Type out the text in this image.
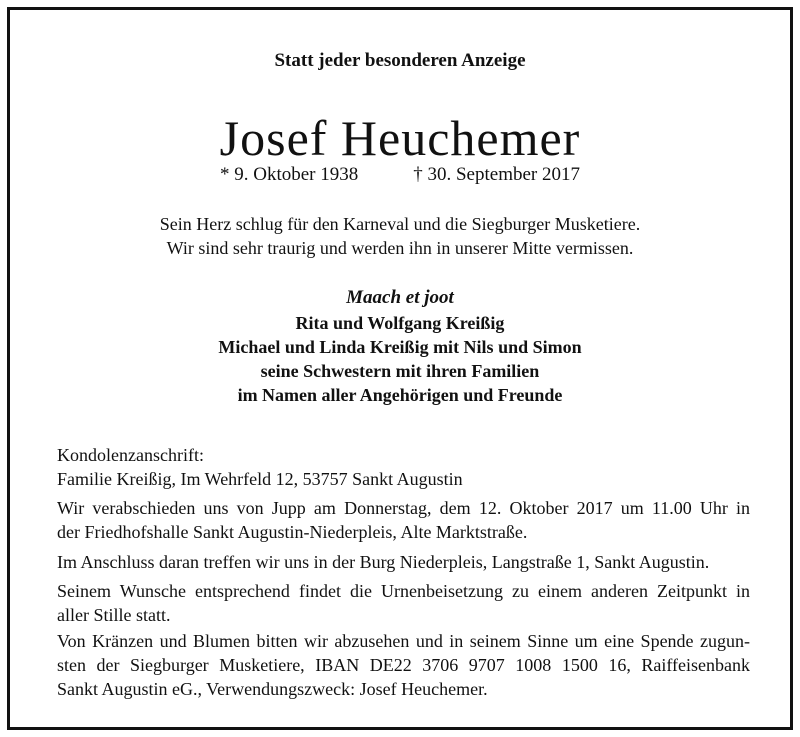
Statt jeder besonderen Anzeige
Josef Heuchemer
* 9. Oktober 1938	† 30. September 2017
Sein Herz schlug für den Karneval und die Siegburger Musketiere.
Wir sind sehr traurig und werden ihn in unserer Mitte vermissen.
Maach et joot
Rita und Wolfgang Kreißig
Michael und Linda Kreißig mit Nils und Simon
seine Schwestern mit ihren Familien
im Namen aller Angehörigen und Freunde
Kondolenzanschrift:
Familie Kreißig, Im Wehrfeld 12, 53757 Sankt Augustin
Wir verabschieden uns von Jupp am Donnerstag, dem 12. Oktober 2017 um 11.00 Uhr in
der Friedhofshalle Sankt Augustin-Niederpleis, Alte Marktstraße.
Im Anschluss daran treffen wir uns in der Burg Niederpleis, Langstraße 1, Sankt Augustin.
Seinem Wunsche entsprechend findet die Urnenbeisetzung zu einem anderen Zeitpunkt in
aller Stille statt.
Von Kränzen und Blumen bitten wir abzusehen und in seinem Sinne um eine Spende zugun-
sten der Siegburger Musketiere, IBAN DE22 3706 9707 1008 1500 16, Raiffeisenbank
Sankt Augustin eG., Verwendungszweck: Josef Heuchemer.
